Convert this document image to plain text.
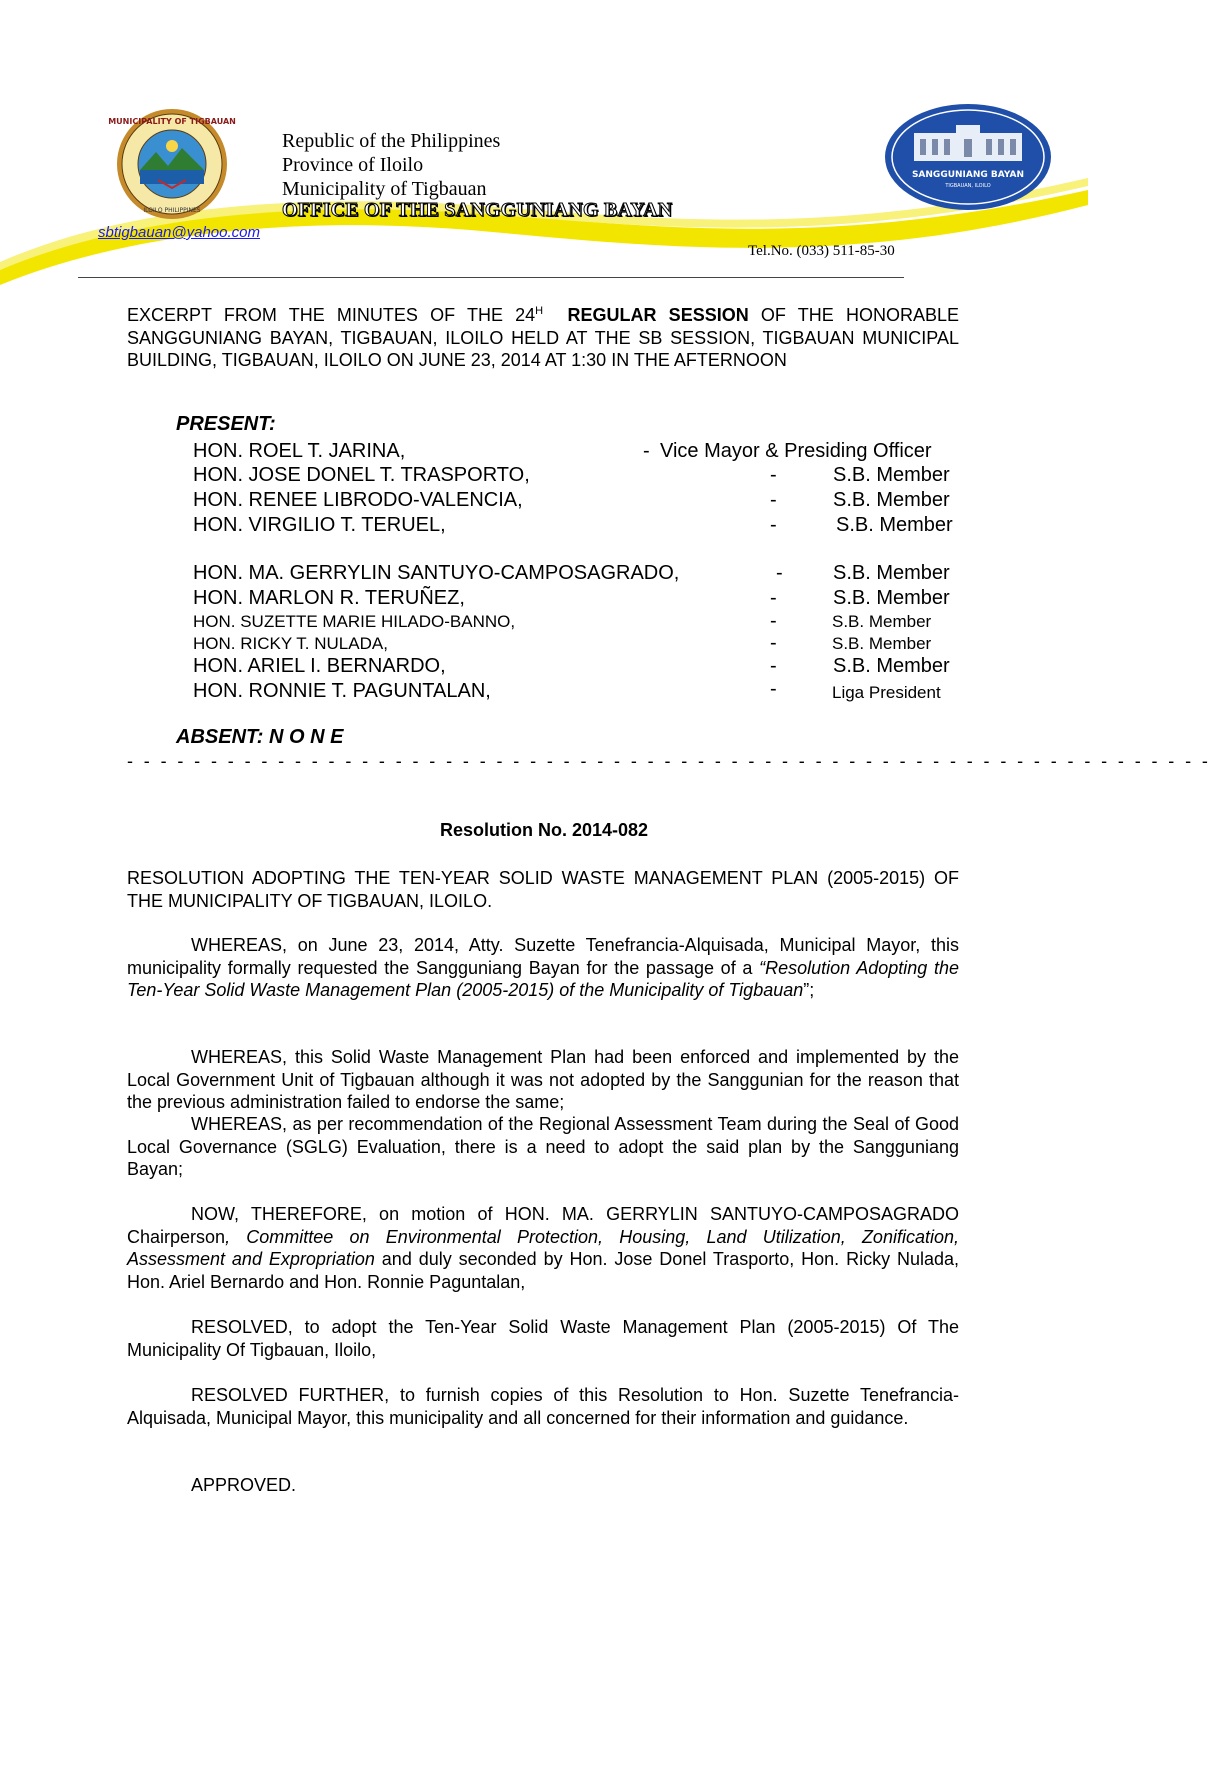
MUNICIPALITY OF TIGBAUAN
ILOILO PHILIPPINES
SANGGUNIANG BAYAN
TIGBAUAN, ILOILO
Republic of the Philippines
Province of Iloilo
Municipality of Tigbauan
OFFICE OF THE SANGGUNIANG BAYAN
sbtigbauan@yahoo.com
Tel.No. (033) 511-85-30
EXCERPT FROM THE MINUTES OF THE $24^H$ REGULAR SESSION OF THE HONORABLE SANGGUNIANG BAYAN, TIGBAUAN, ILOILO HELD AT THE SB SESSION, TIGBAUAN MUNICIPAL BUILDING, TIGBAUAN, ILOILO ON JUNE 23, 2014 AT 1:30 IN THE AFTERNOON
PRESENT:
HON. ROEL T. JARINA,	- Vice Mayor & Presiding Officer
HON. JOSE DONEL T. TRASPORTO,	-	S.B. Member
HON. RENEE LIBRODO-VALENCIA,	-	S.B. Member
HON. VIRGILIO T. TERUEL,	-	S.B. Member
HON. MA. GERRYLIN SANTUYO-CAMPOSAGRADO,	-	S.B. Member
HON. MARLON R. TERUÑEZ,	-	S.B. Member
HON. SUZETTE MARIE HILADO-BANNO,	-	S.B. Member
HON. RICKY T. NULADA,	-	S.B. Member
HON. ARIEL I. BERNARDO,	-	S.B. Member
HON. RONNIE T. PAGUNTALAN,	-	Liga President
ABSENT: N O N E
- - - - - - - - - - - - - - - - - - - - - - - - - - - - - - - - - - - - - - - - - - - - - - - - - - - - - - - - - - - - - - - - -
Resolution No. 2014-082
RESOLUTION ADOPTING THE TEN-YEAR SOLID WASTE MANAGEMENT PLAN (2005-2015) OF THE MUNICIPALITY OF TIGBAUAN, ILOILO.
WHEREAS, on June 23, 2014, Atty. Suzette Tenefrancia-Alquisada, Municipal Mayor, this municipality formally requested the Sangguniang Bayan for the passage of a “Resolution Adopting the Ten-Year Solid Waste Management Plan (2005-2015) of the Municipality of Tigbauan”;
WHEREAS, this Solid Waste Management Plan had been enforced and implemented by the Local Government Unit of Tigbauan although it was not adopted by the Sanggunian for the reason that the previous administration failed to endorse the same;
WHEREAS, as per recommendation of the Regional Assessment Team during the Seal of Good Local Governance (SGLG) Evaluation, there is a need to adopt the said plan by the Sangguniang Bayan;
NOW, THEREFORE, on motion of HON. MA. GERRYLIN SANTUYO-CAMPOSAGRADO Chairperson, Committee on Environmental Protection, Housing, Land Utilization, Zonification, Assessment and Expropriation and duly seconded by Hon. Jose Donel Trasporto, Hon. Ricky Nulada, Hon. Ariel Bernardo and Hon. Ronnie Paguntalan,
RESOLVED, to adopt the Ten-Year Solid Waste Management Plan (2005-2015) Of The Municipality Of Tigbauan, Iloilo,
RESOLVED FURTHER, to furnish copies of this Resolution to Hon. Suzette Tenefrancia-Alquisada, Municipal Mayor, this municipality and all concerned for their information and guidance.
APPROVED.
